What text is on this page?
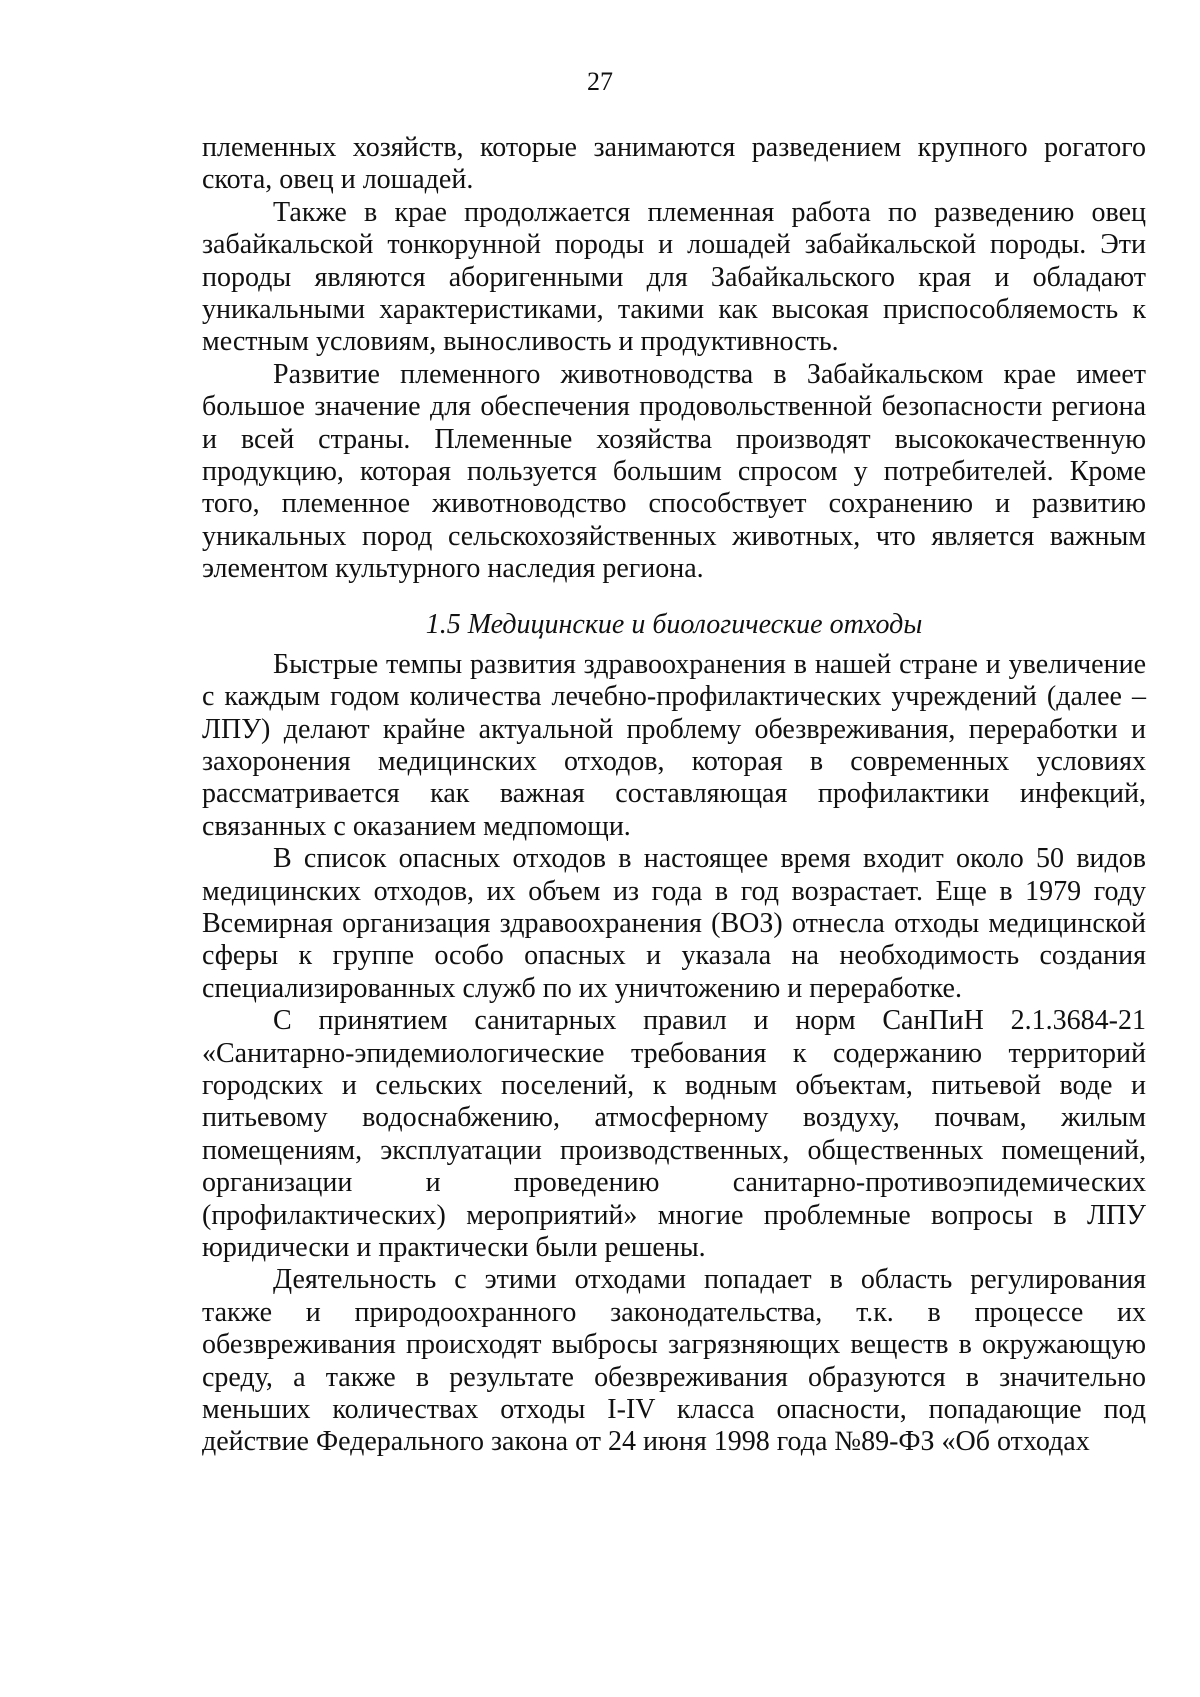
27

племенных хозяйств, которые занимаются разведением крупного рогатого скота, овец и лошадей.

Также в крае продолжается племенная работа по разведению овец забайкальской тонкорунной породы и лошадей забайкальской породы. Эти породы являются аборигенными для Забайкальского края и обладают уникальными характеристиками, такими как высокая приспособляемость к местным условиям, выносливость и продуктивность.

Развитие племенного животноводства в Забайкальском крае имеет большое значение для обеспечения продовольственной безопасности региона и всей страны. Племенные хозяйства производят высококачественную продукцию, которая пользуется большим спросом у потребителей. Кроме того, племенное животноводство способствует сохранению и развитию уникальных пород сельскохозяйственных животных, что является важным элементом культурного наследия региона.

1.5 Медицинские и биологические отходы

Быстрые темпы развития здравоохранения в нашей стране и увеличение с каждым годом количества лечебно-профилактических учреждений (далее – ЛПУ) делают крайне актуальной проблему обезвреживания, переработки и захоронения медицинских отходов, которая в современных условиях рассматривается как важная составляющая профилактики инфекций, связанных с оказанием медпомощи.

В список опасных отходов в настоящее время входит около 50 видов медицинских отходов, их объем из года в год возрастает. Еще в 1979 году Всемирная организация здравоохранения (ВОЗ) отнесла отходы медицинской сферы к группе особо опасных и указала на необходимость создания специализированных служб по их уничтожению и переработке.

С принятием санитарных правил и норм СанПиН 2.1.3684-21 «Санитарно-эпидемиологические требования к содержанию территорий городских и сельских поселений, к водным объектам, питьевой воде и питьевому водоснабжению, атмосферному воздуху, почвам, жилым помещениям, эксплуатации производственных, общественных помещений, организации и проведению санитарно-противоэпидемических (профилактических) мероприятий» многие проблемные вопросы в ЛПУ юридически и практически были решены.

Деятельность с этими отходами попадает в область регулирования также и природоохранного законодательства, т.к. в процессе их обезвреживания происходят выбросы загрязняющих веществ в окружающую среду, а также в результате обезвреживания образуются в значительно меньших количествах отходы I-IV класса опасности, попадающие под действие Федерального закона от 24 июня 1998 года №89-ФЗ «Об отходах
